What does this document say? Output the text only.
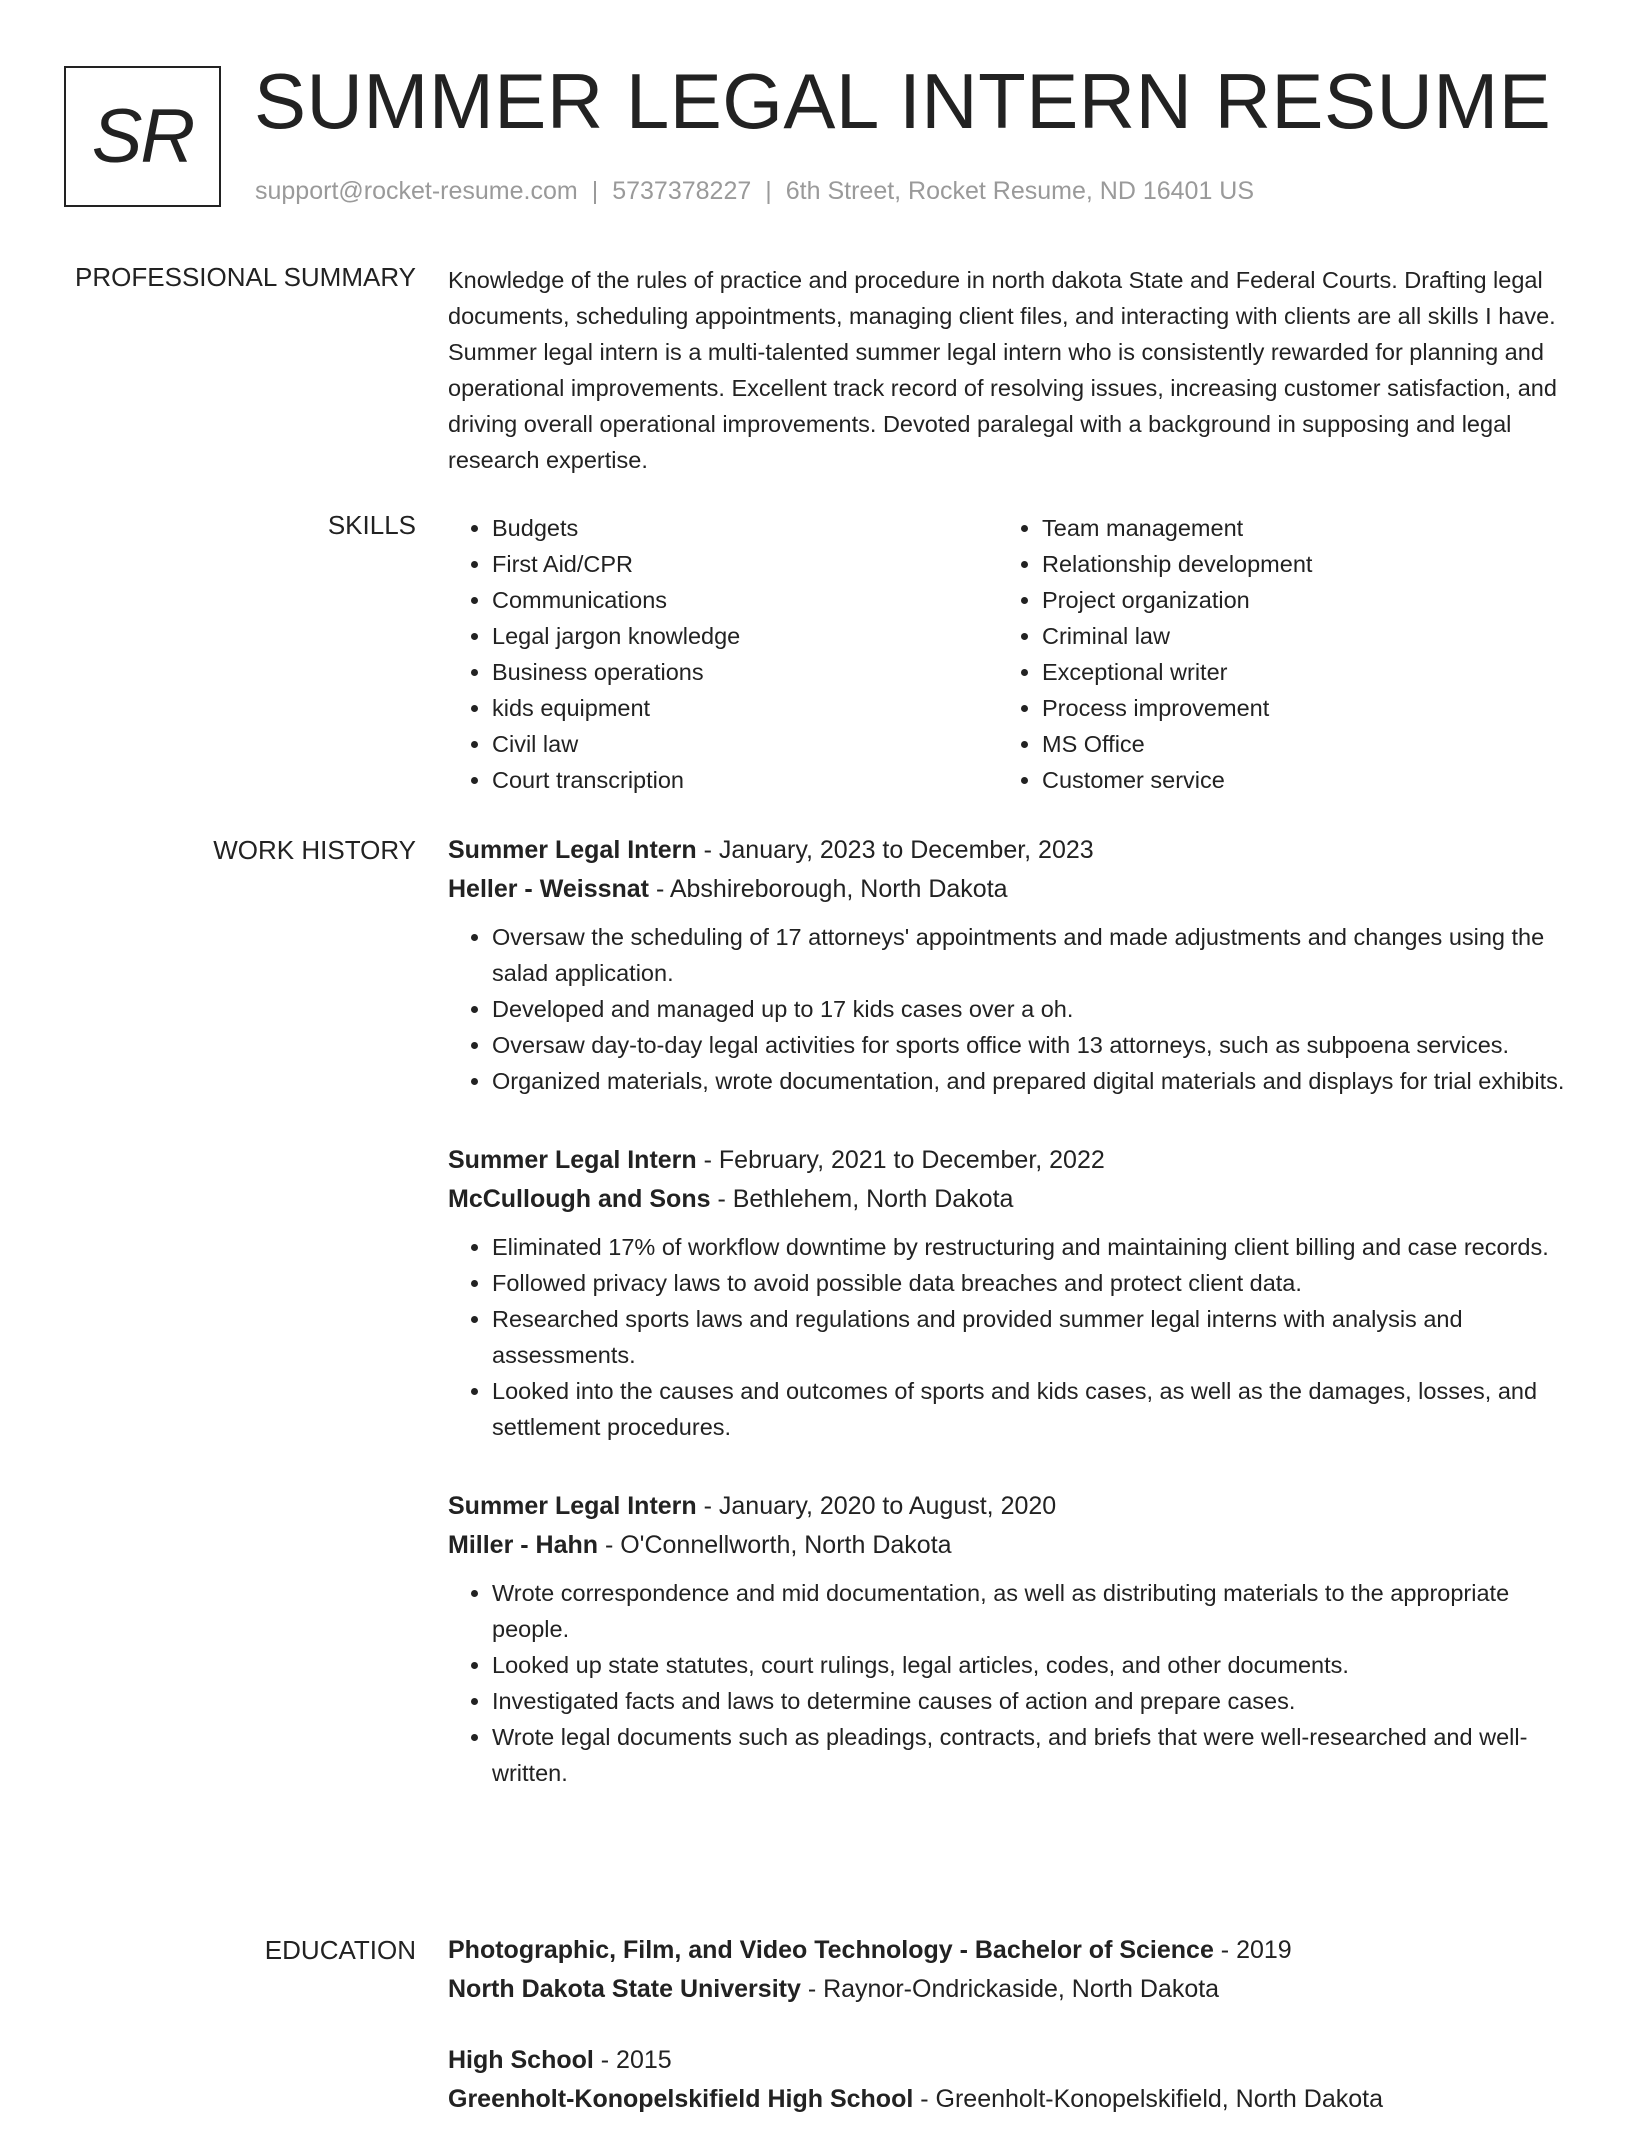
SR SUMMER LEGAL INTERN RESUME
support@rocket-resume.com | 5737378227 | 6th Street, Rocket Resume, ND 16401 US
PROFESSIONAL SUMMARY Knowledge of the rules of practice and procedure in north dakota State and Federal Courts. Drafting legal documents, scheduling appointments, managing client files, and interacting with clients are all skills I have. Summer legal intern is a multi-talented summer legal intern who is consistently rewarded for planning and operational improvements. Excellent track record of resolving issues, increasing customer satisfaction, and driving overall operational improvements. Devoted paralegal with a background in supposing and legal research expertise.

SKILLS
•	Budgets
• First Aid/CPR
• Communications
• Legal jargon knowledge
• Business operations
• kids equipment
• Civil law
• Court transcription
• Team management
• Relationship development
• Project organization
• Criminal law
• Exceptional writer
• Process improvement
• MS Office
• Customer service
WORK HISTORY Summer Legal Intern - January, 2023 to December, 2023
Heller - Weissnat - Abshireborough, North Dakota
• Oversaw the scheduling of 17 attorneys' appointments and made adjustments and changes using the salad application.
• Developed and managed up to 17 kids cases over a oh.
• Oversaw day-to-day legal activities for sports office with 13 attorneys, such as subpoena services.
• Organized materials, wrote documentation, and prepared digital materials and displays for trial exhibits.
Summer Legal Intern - February, 2021 to December, 2022
McCullough and Sons - Bethlehem, North Dakota
• Eliminated 17% of workflow downtime by restructuring and maintaining client billing and case records.
• Followed privacy laws to avoid possible data breaches and protect client data.
• Researched sports laws and regulations and provided summer legal interns with analysis and assessments.
• Looked into the causes and outcomes of sports and kids cases, as well as the damages, losses, and settlement procedures.
Summer Legal Intern - January, 2020 to August, 2020
Miller - Hahn - O'Connellworth, North Dakota
• Wrote correspondence and mid documentation, as well as distributing materials to the appropriate people.
• Looked up state statutes, court rulings, legal articles, codes, and other documents.
• Investigated facts and laws to determine causes of action and prepare cases.
• Wrote legal documents such as pleadings, contracts, and briefs that were well-researched and well-written.
EDUCATION Photographic, Film, and Video Technology - Bachelor of Science - 2019
North Dakota State University - Raynor-Ondrickaside, North Dakota
High School - 2015
Greenholt-Konopelskifield High School - Greenholt-Konopelskifield, North Dakota
